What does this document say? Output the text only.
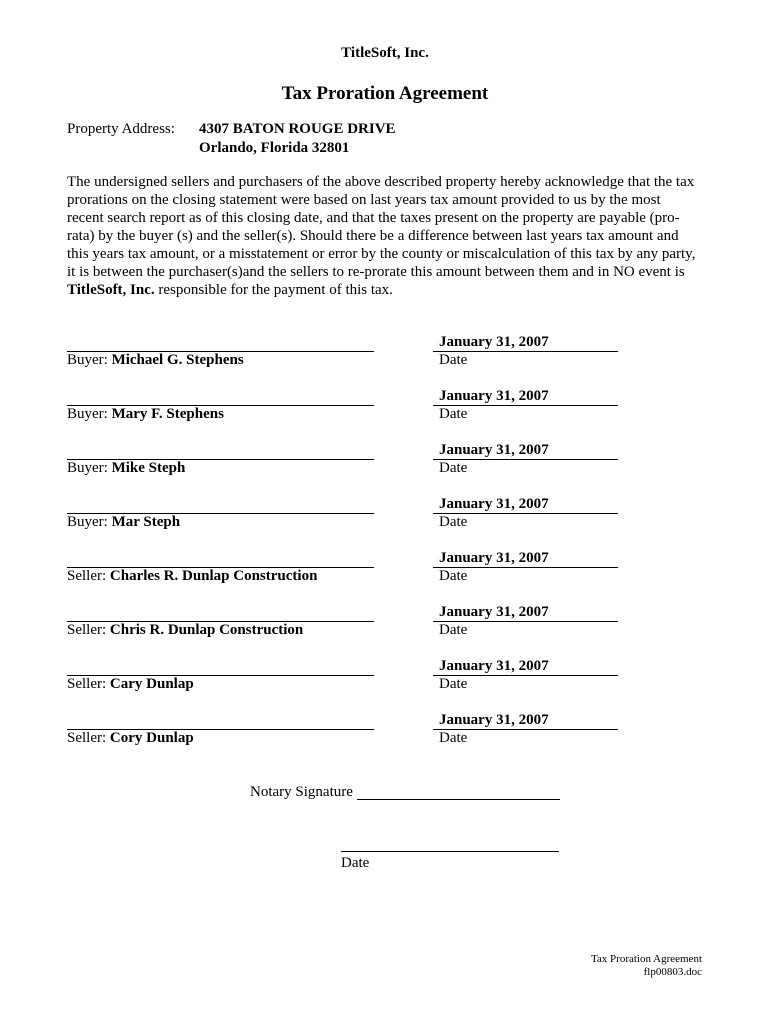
TitleSoft, Inc.
Tax Proration Agreement
Property Address: 4307 BATON ROUGE DRIVE
Orlando, Florida 32801

The undersigned sellers and purchasers of the above described property hereby acknowledge that the tax

prorations on the closing statement were based on last years tax amount provided to us by the most

recent search report as of this closing date, and that the taxes present on the property are payable (pro-

rata) by the buyer (s) and the seller(s). Should there be a difference between last years tax amount and

this years tax amount, or a misstatement or error by the county or miscalculation of this tax by any party,

it is between the purchaser(s)and the sellers to re-prorate this amount between them and in NO event is

TitleSoft, Inc. responsible for the payment of this tax.

January 31, 2007
Buyer: Michael G. Stephens	Date
January 31, 2007
Buyer: Mary F. Stephens	Date
January 31, 2007
Buyer: Mike Steph	Date
January 31, 2007
Buyer: Mar Steph	Date
January 31, 2007
Seller: Charles R. Dunlap Construction	Date
January 31, 2007
Seller: Chris R. Dunlap Construction	Date
January 31, 2007
Seller: Cary Dunlap	Date
January 31, 2007
Seller: Cory Dunlap	Date
Notary Signature
Date
Tax Proration Agreement
flp00803.doc
